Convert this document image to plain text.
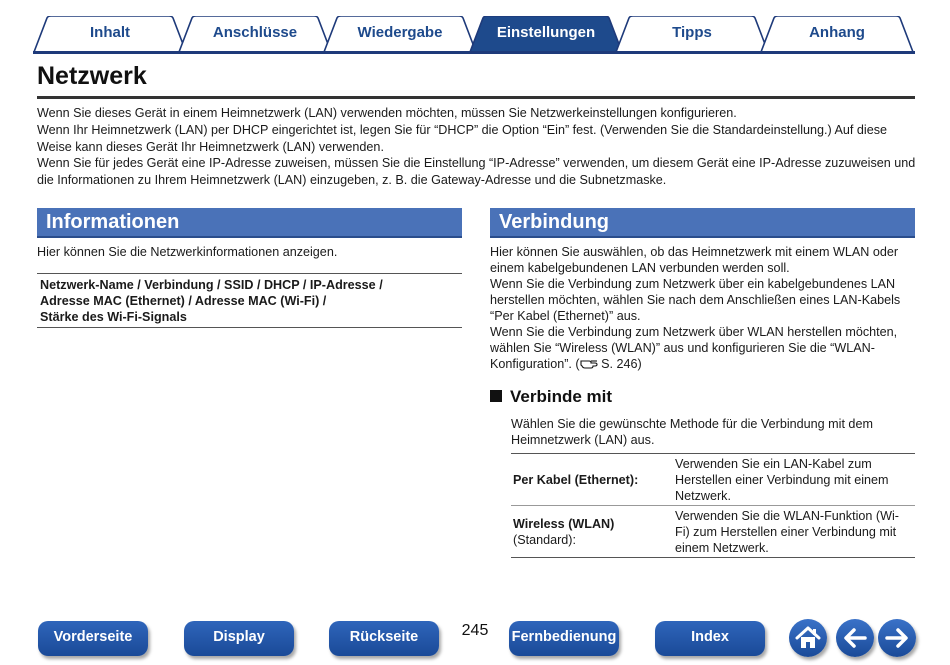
Inhalt	Anschlüsse	Wiedergabe	Einstellungen	Tipps	Anhang
Netzwerk

Wenn Sie dieses Gerät in einem Heimnetzwerk (LAN) verwenden möchten, müssen Sie Netzwerkeinstellungen konfigurieren.

Wenn Ihr Heimnetzwerk (LAN) per DHCP eingerichtet ist, legen Sie für “DHCP” die Option “Ein” fest. (Verwenden Sie die Standardeinstellung.) Auf diese Weise kann dieses Gerät Ihr Heimnetzwerk (LAN) verwenden.

Wenn Sie für jedes Gerät eine IP-Adresse zuweisen, müssen Sie die Einstellung “IP-Adresse” verwenden, um diesem Gerät eine IP-Adresse zuzuweisen und die Informationen zu Ihrem Heimnetzwerk (LAN) einzugeben, z. B. die Gateway-Adresse und die Subnetzmaske.

Informationen
Hier können Sie die Netzwerkinformationen anzeigen.
Netzwerk-Name / Verbindung / SSID / DHCP / IP-Adresse /
Adresse MAC (Ethernet) / Adresse MAC (Wi-Fi) /
Stärke des Wi-Fi-Signals
Verbindung
Hier können Sie auswählen, ob das Heimnetzwerk mit einem WLAN oder einem kabelgebundenen LAN verbunden werden soll.
Wenn Sie die Verbindung zum Netzwerk über ein kabelgebundenes LAN herstellen möchten, wählen Sie nach dem Anschließen eines LAN-Kabels “Per Kabel (Ethernet)” aus.
Wenn Sie die Verbindung zum Netzwerk über WLAN herstellen möchten, wählen Sie “Wireless (WLAN)” aus und konfigurieren Sie die “WLAN-Konfiguration”. ( S. 246)
Verbinde mit
Wählen Sie die gewünschte Methode für die Verbindung mit dem Heimnetzwerk (LAN) aus.
Per Kabel (Ethernet):	Verwenden Sie ein LAN-Kabel zum Herstellen einer Verbindung mit einem Netzwerk.
Wireless (WLAN)
(Standard):	Verwenden Sie die WLAN-Funktion (Wi-Fi) zum Herstellen einer Verbindung mit einem Netzwerk.
Vorderseite	Display	Rückseite	245	Fernbedienung	Index
